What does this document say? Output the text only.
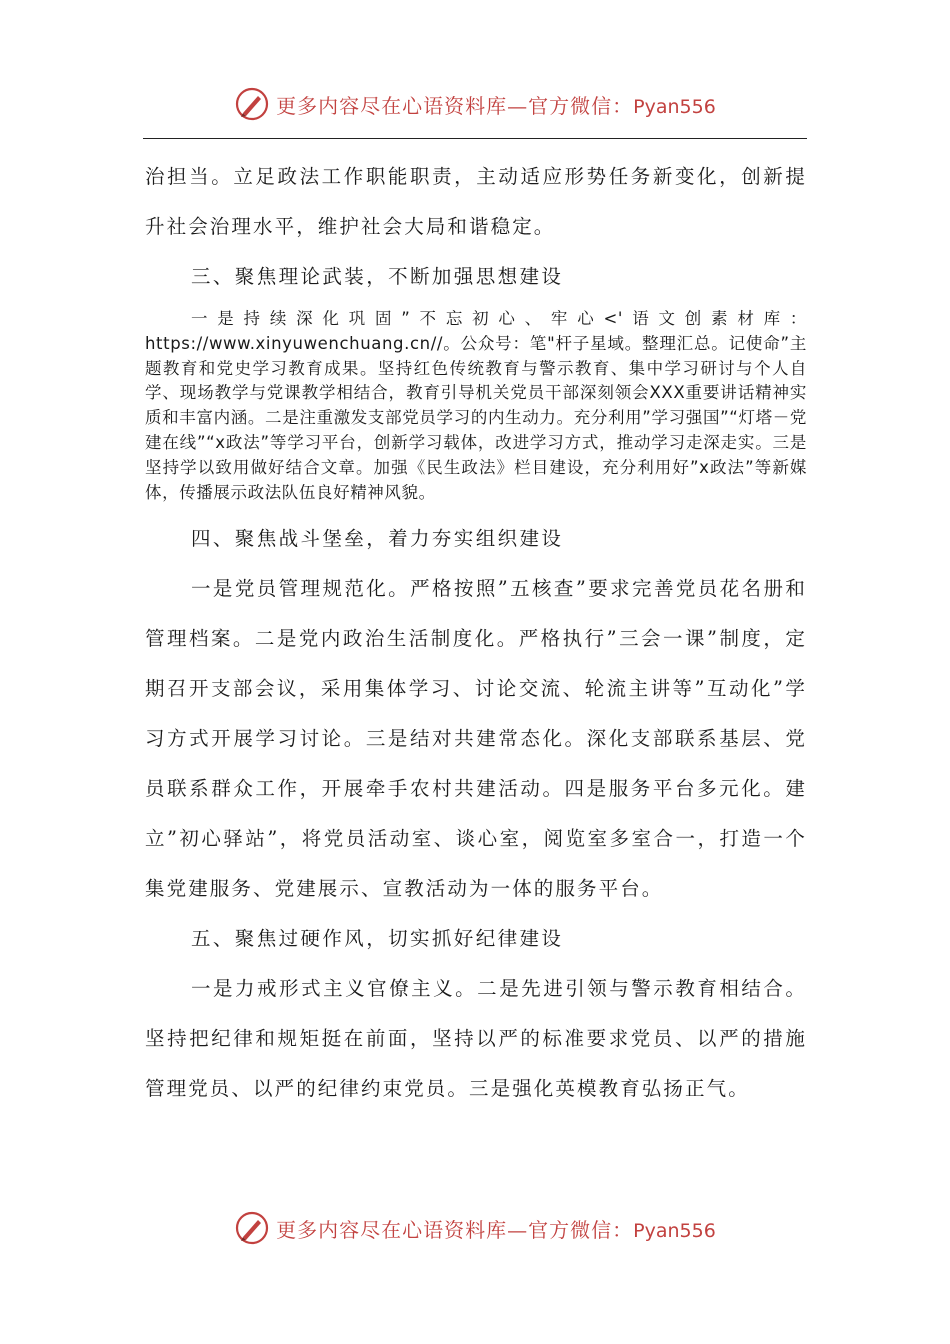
更多内容尽在心语资料库—官方微信：Pyan556

治担当。立足政法工作职能职责，主动适应形势任务新变化，创新提升社会治理水平，维护社会大局和谐稳定。

三、聚焦理论武装，不断加强思想建设

一是持续深化巩固”不忘初心、牢心<'语文创素材库：https://www.xinyuwenchuang.cn//。公众号：笔"杆子星域。整理汇总。记使命”主题教育和党史学习教育成果。坚持红色传统教育与警示教育、集中学习研讨与个人自学、现场教学与党课教学相结合，教育引导机关党员干部深刻领会XXX重要讲话精神实质和丰富内涵。二是注重激发支部党员学习的内生动力。充分利用”学习强国”“灯塔－党建在线”“x政法”等学习平台，创新学习载体，改进学习方式，推动学习走深走实。三是坚持学以致用做好结合文章。加强《民生政法》栏目建设，充分利用好”x政法”等新媒体，传播展示政法队伍良好精神风貌。

四、聚焦战斗堡垒，着力夯实组织建设

一是党员管理规范化。严格按照”五核查”要求完善党员花名册和管理档案。二是党内政治生活制度化。严格执行”三会一课”制度，定期召开支部会议，采用集体学习、讨论交流、轮流主讲等”互动化”学习方式开展学习讨论。三是结对共建常态化。深化支部联系基层、党员联系群众工作，开展牵手农村共建活动。四是服务平台多元化。建立”初心驿站”，将党员活动室、谈心室，阅览室多室合一，打造一个集党建服务、党建展示、宣教活动为一体的服务平台。

五、聚焦过硬作风，切实抓好纪律建设

一是力戒形式主义官僚主义。二是先进引领与警示教育相结合。坚持把纪律和规矩挺在前面，坚持以严的标准要求党员、以严的措施管理党员、以严的纪律约束党员。三是强化英模教育弘扬正气。

更多内容尽在心语资料库—官方微信：Pyan556
